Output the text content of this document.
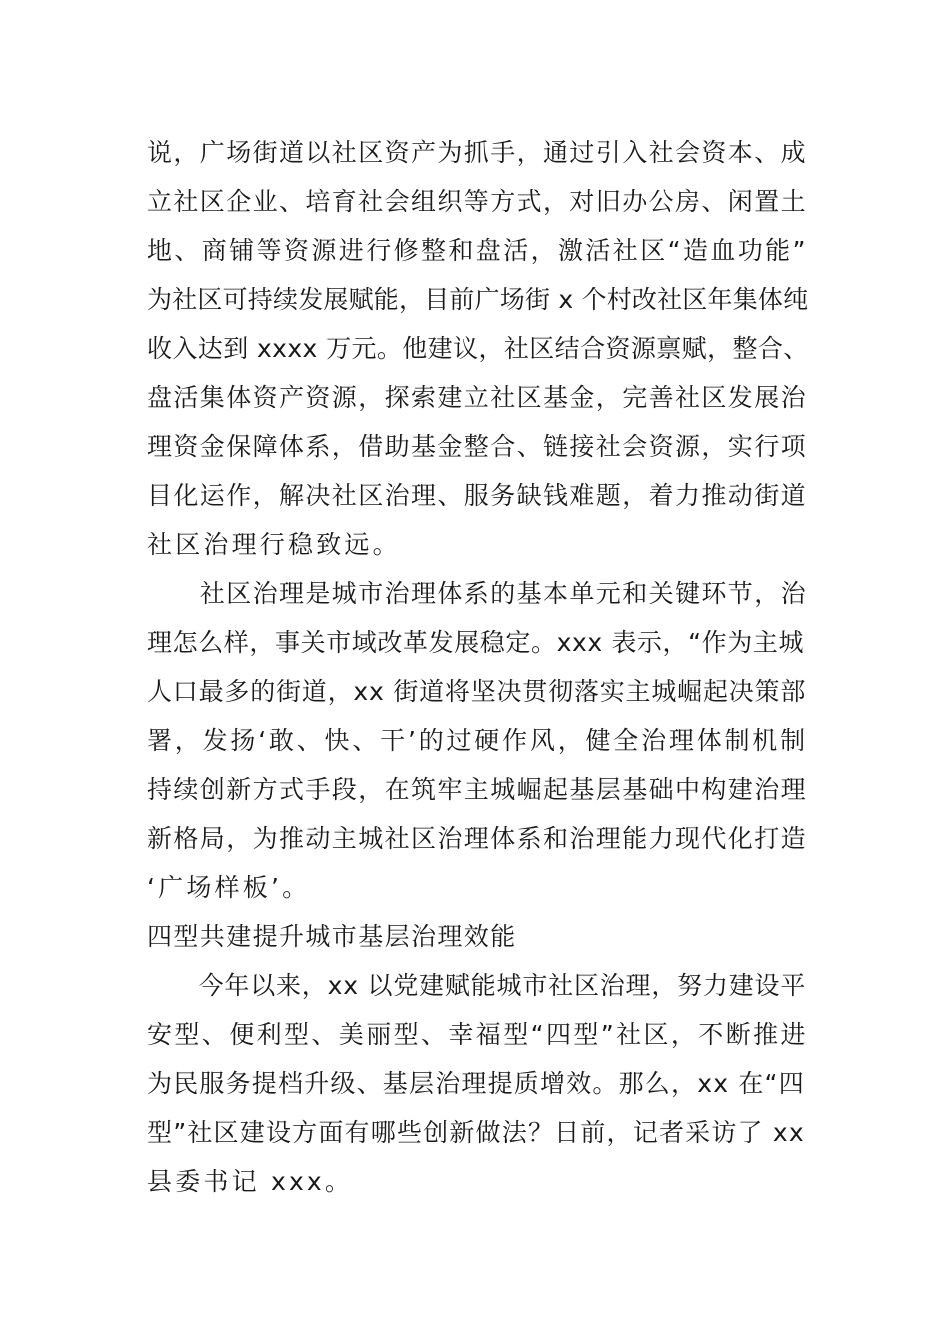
说，广场街道以社区资产为抓手，通过引入社会资本、成
立社区企业、培育社会组织等方式，对旧办公房、闲置土
地、商铺等资源进行修整和盘活，激活社区“造血功能”
为社区可持续发展赋能，目前广场街 x 个村改社区年集体纯
收入达到 xxxx 万元。他建议，社区结合资源禀赋，整合、
盘活集体资产资源，探索建立社区基金，完善社区发展治
理资金保障体系，借助基金整合、链接社会资源，实行项
目化运作，解决社区治理、服务缺钱难题，着力推动街道
社区治理行稳致远。
　　社区治理是城市治理体系的基本单元和关键环节，治
理怎么样，事关市域改革发展稳定。xxx 表示，“作为主城
人口最多的街道，xx 街道将坚决贯彻落实主城崛起决策部
署，发扬‘敢、快、干’的过硬作风，健全治理体制机制
持续创新方式手段，在筑牢主城崛起基层基础中构建治理
新格局，为推动主城社区治理体系和治理能力现代化打造
‘广场样板’。
四型共建提升城市基层治理效能
　　今年以来，xx 以党建赋能城市社区治理，努力建设平
安型、便利型、美丽型、幸福型“四型”社区，不断推进
为民服务提档升级、基层治理提质增效。那么，xx 在“四
型”社区建设方面有哪些创新做法？日前，记者采访了 xx
县委书记 xxx。
